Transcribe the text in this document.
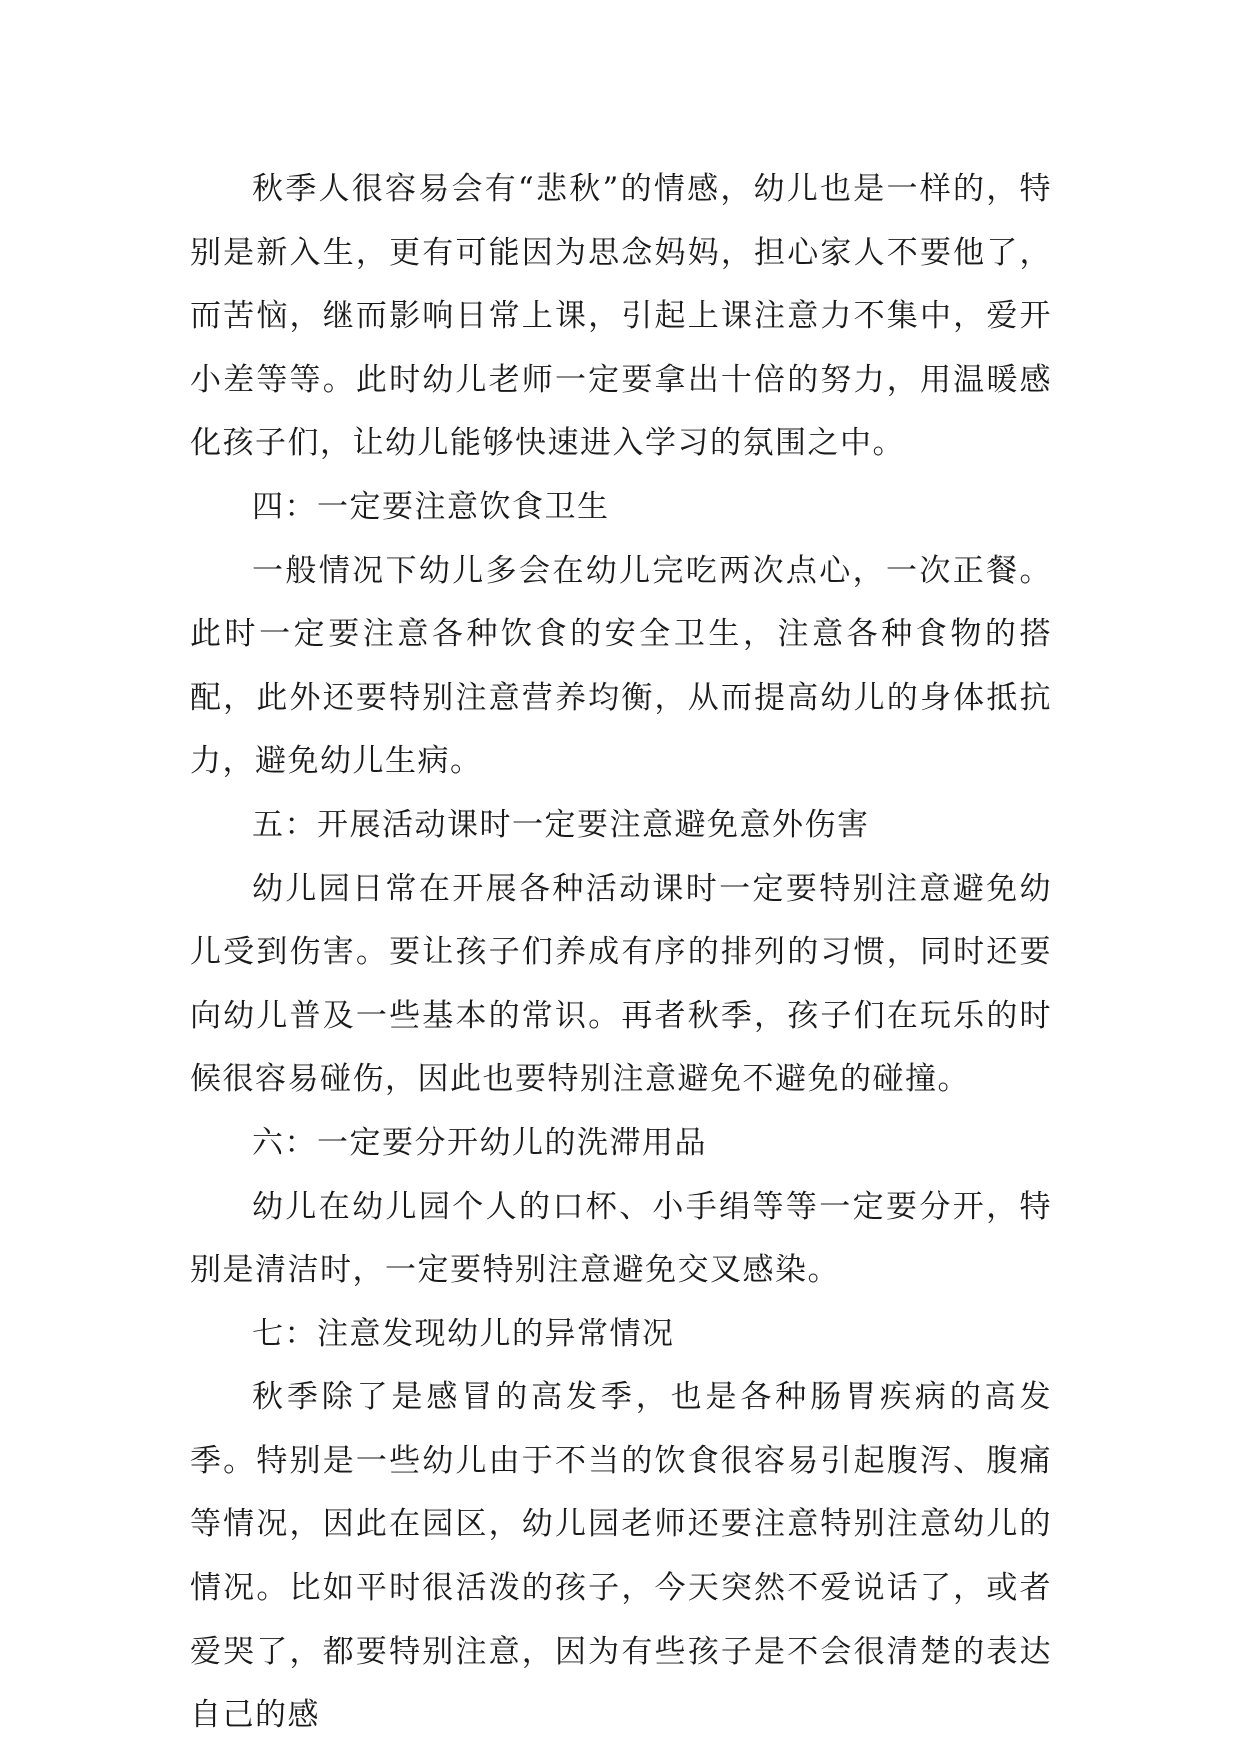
秋季人很容易会有“悲秋”的情感，幼儿也是一样的，特别是新入生，更有可能因为思念妈妈，担心家人不要他了，而苦恼，继而影响日常上课，引起上课注意力不集中，爱开小差等等。此时幼儿老师一定要拿出十倍的努力，用温暖感化孩子们，让幼儿能够快速进入学习的氛围之中。

四：一定要注意饮食卫生

一般情况下幼儿多会在幼儿完吃两次点心，一次正餐。此时一定要注意各种饮食的安全卫生，注意各种食物的搭配，此外还要特别注意营养均衡，从而提高幼儿的身体抵抗力，避免幼儿生病。

五：开展活动课时一定要注意避免意外伤害

幼儿园日常在开展各种活动课时一定要特别注意避免幼儿受到伤害。要让孩子们养成有序的排列的习惯，同时还要向幼儿普及一些基本的常识。再者秋季，孩子们在玩乐的时候很容易碰伤，因此也要特别注意避免不避免的碰撞。

六：一定要分开幼儿的洗滞用品

幼儿在幼儿园个人的口杯、小手绢等等一定要分开，特别是清洁时，一定要特别注意避免交叉感染。

七：注意发现幼儿的异常情况

秋季除了是感冒的高发季，也是各种肠胃疾病的高发季。特别是一些幼儿由于不当的饮食很容易引起腹泻、腹痛等情况，因此在园区，幼儿园老师还要注意特别注意幼儿的情况。比如平时很活泼的孩子，今天突然不爱说话了，或者爱哭了，都要特别注意，因为有些孩子是不会很清楚的表达自己的感
